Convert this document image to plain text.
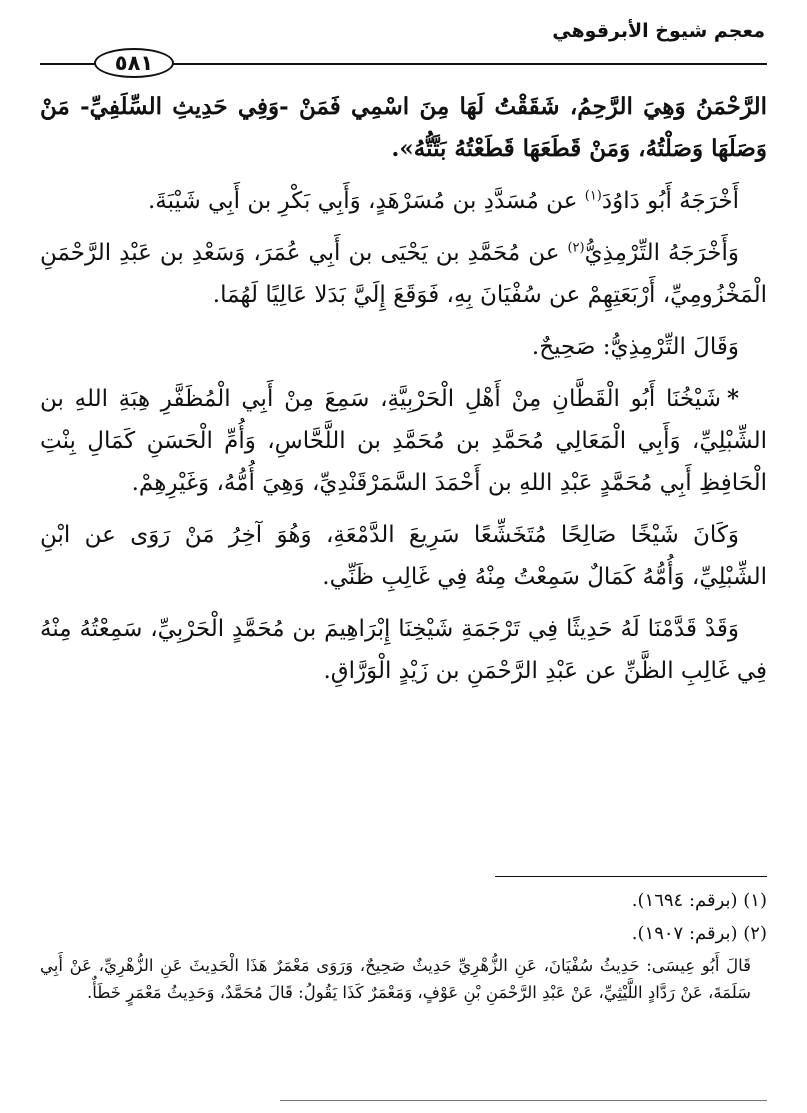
معجم شيوخ الأبرقوهي
٥٨١

الرَّحْمَنُ وَهِيَ الرَّحِمُ، شَقَقْتُ لَهَا مِنَ اسْمِي فَمَنْ -وَفِي حَدِيثِ السِّلَفِيِّ- مَنْ وَصَلَهَا وَصَلْتُهُ، وَمَنْ قَطَعَهَا قَطَعْتُهُ بَتَّتُّهُ».

أَخْرَجَهُ أَبُو دَاوُدَ$^{(١)}$ عن مُسَدَّدِ بن مُسَرْهَدٍ، وَأَبِي بَكْرِ بن أَبِي شَيْبَةَ.

وَأَخْرَجَهُ التِّرْمِذِيُّ$^{(٢)}$ عن مُحَمَّدِ بن يَحْيَى بن أَبِي عُمَرَ، وَسَعْدِ بن عَبْدِ الرَّحْمَنِ الْمَخْزُومِيِّ، أَرْبَعَتِهِمْ عن سُفْيَانَ بِهِ، فَوَقَعَ إِلَيَّ بَدَلا عَالِيًا لَهُمَا.

وَقَالَ التِّرْمِذِيُّ: صَحِيحٌ.

*شَيْخُنَا أَبُو الْقَطَّانِ مِنْ أَهْلِ الْحَرْبِيَّةِ، سَمِعَ مِنْ أَبِي الْمُظَفَّرِ هِبَةِ اللهِ بن الشِّبْلِيِّ، وَأَبِي الْمَعَالِي مُحَمَّدِ بن مُحَمَّدِ بن اللَّحَّاسِ، وَأُمِّ الْحَسَنِ كَمَالِ بِنْتِ الْحَافِظِ أَبِي مُحَمَّدٍ عَبْدِ اللهِ بن أَحْمَدَ السَّمَرْقَنْدِيِّ، وَهِيَ أُمُّهُ، وَغَيْرِهِمْ.

وَكَانَ شَيْخًا صَالِحًا مُتَخَشِّعًا سَرِيعَ الدَّمْعَةِ، وَهُوَ آخِرُ مَنْ رَوَى عن ابْنِ الشِّبْلِيِّ، وَأُمُّهُ كَمَالٌ سَمِعْتُ مِنْهُ فِي غَالِبِ ظَنِّي.

وَقَدْ قَدَّمْنَا لَهُ حَدِيثًا فِي تَرْجَمَةِ شَيْخِنَا إِبْرَاهِيمَ بن مُحَمَّدٍ الْحَرْبِيِّ، سَمِعْتُهُ مِنْهُ فِي غَالِبِ الظَّنِّ عن عَبْدِ الرَّحْمَنِ بن زَيْدٍ الْوَرَّاقِ.

(١) (برقم: ١٦٩٤).

(٢) (برقم: ١٩٠٧).

قَالَ أَبُو عِيسَى: حَدِيثُ سُفْيَانَ، عَنِ الزُّهْرِيِّ حَدِيثٌ صَحِيحٌ، وَرَوَى مَعْمَرٌ هَذَا الْحَدِيثَ عَنِ الزُّهْرِيِّ، عَنْ أَبِي سَلَمَةَ، عَنْ رَدَّادٍ اللَّيْثِيِّ، عَنْ عَبْدِ الرَّحْمَنِ بْنِ عَوْفٍ، وَمَعْمَرٌ كَذَا يَقُولُ: قَالَ مُحَمَّدٌ، وَحَدِيثُ مَعْمَرٍ خَطَأٌ.
